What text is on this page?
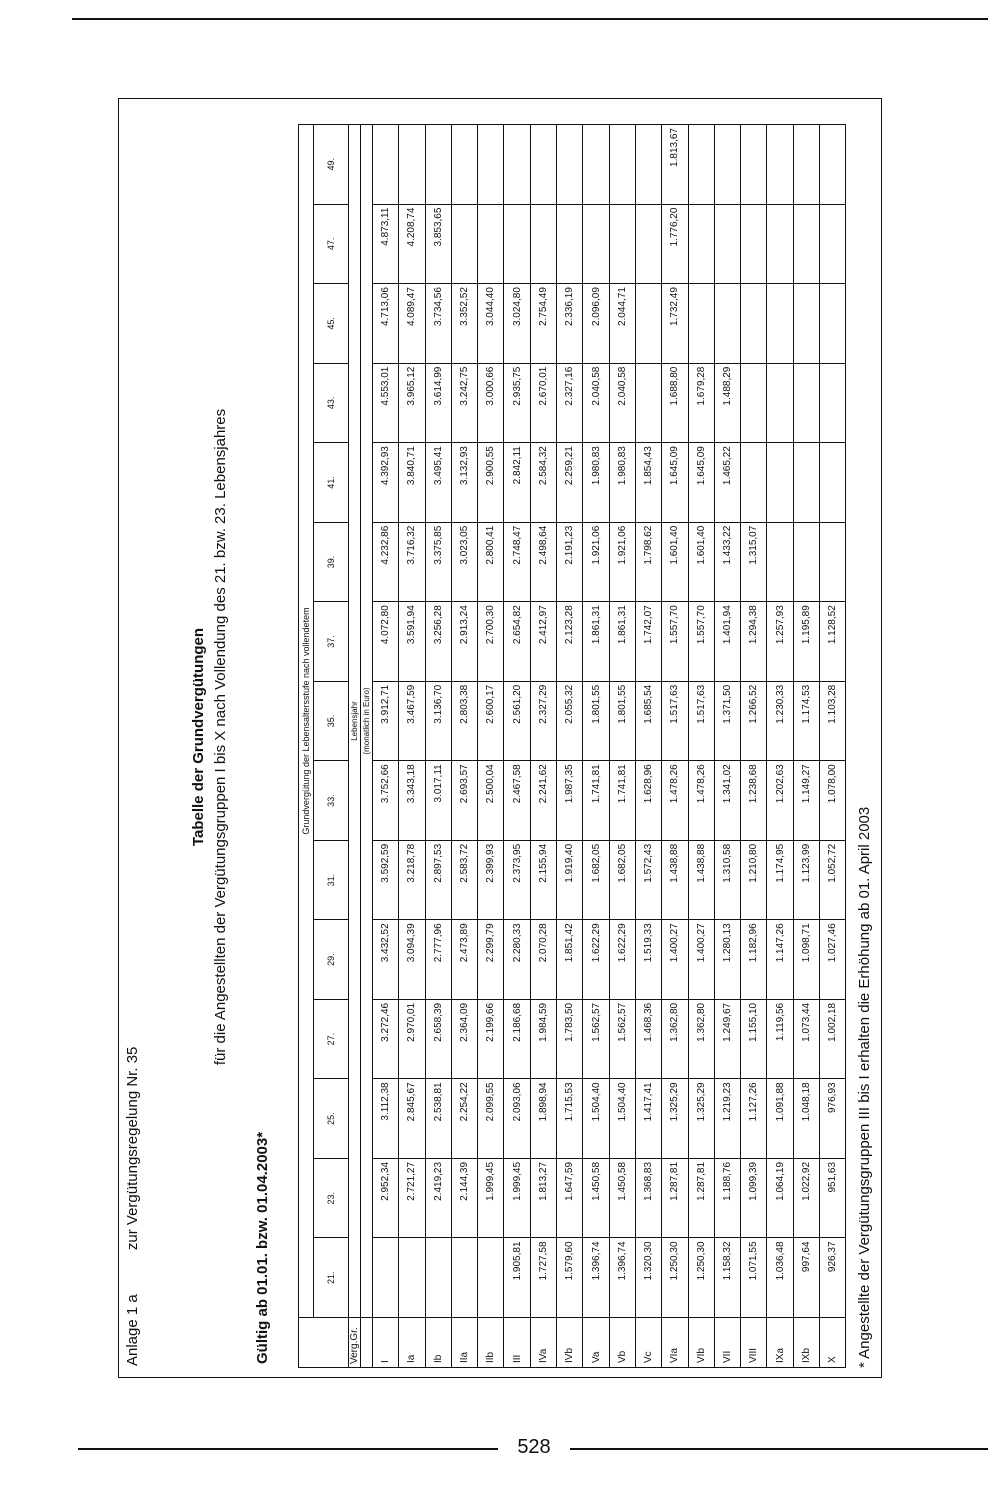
Anlage 1 a zur Vergütungsregelung Nr. 35
Tabelle der Grundvergütungen für die Angestellten der Vergütungsgruppen I bis X nach Vollendung des 21. bzw. 23. Lebensjahres
Gültig ab 01.01. bzw. 01.04.2003*
	Grundvergütung der Lebensaltersstufe nach vollendetem														
	21.	23.	25.	27.	29.	31.	33.	35.	37.	39.	41.	43.	45.	47.	49.
Verg.Gr.	Lebensjahr														
	(monatlich in Euro)														
I		2.952,34	3.112,38	3.272,46	3.432,52	3.592,59	3.752,66	3.912,71	4.072,80	4.232,86	4.392,93	4.553,01	4.713,06	4.873,11	
Ia		2.721,27	2.845,67	2.970,01	3.094,39	3.218,78	3.343,18	3.467,59	3.591,94	3.716,32	3.840,71	3.965,12	4.089,47	4.208,74	
Ib		2.419,23	2.538,81	2.658,39	2.777,96	2.897,53	3.017,11	3.136,70	3.256,28	3.375,85	3.495,41	3.614,99	3.734,56	3.853,65	
IIa		2.144,39	2.254,22	2.364,09	2.473,89	2.583,72	2.693,57	2.803,38	2.913,24	3.023,05	3.132,93	3.242,75	3.352,52		
IIb		1.999,45	2.099,55	2.199,66	2.299,79	2.399,93	2.500,04	2.600,17	2.700,30	2.800,41	2.900,55	3.000,66	3.044,40		
III	1.905,81	1.999,45	2.093,06	2.186,68	2.280,33	2.373,95	2.467,58	2.561,20	2.654,82	2.748,47	2.842,11	2.935,75	3.024,80		
IVa	1.727,58	1.813,27	1.898,94	1.984,59	2.070,28	2.155,94	2.241,62	2.327,29	2.412,97	2.498,64	2.584,32	2.670,01	2.754,49		
IVb	1.579,60	1.647,59	1.715,53	1.783,50	1.851,42	1.919,40	1.987,35	2.055,32	2.123,28	2.191,23	2.259,21	2.327,16	2.336,19		
Va	1.396,74	1.450,58	1.504,40	1.562,57	1.622,29	1.682,05	1.741,81	1.801,55	1.861,31	1.921,06	1.980,83	2.040,58	2.096,09		
Vb	1.396,74	1.450,58	1.504,40	1.562,57	1.622,29	1.682,05	1.741,81	1.801,55	1.861,31	1.921,06	1.980,83	2.040,58	2.044,71		
Vc	1.320,30	1.368,83	1.417,41	1.468,36	1.519,33	1.572,43	1.628,96	1.685,54	1.742,07	1.798,62	1.854,43				
VIa	1.250,30	1.287,81	1.325,29	1.362,80	1.400,27	1.438,88	1.478,26	1.517,63	1.557,70	1.601,40	1.645,09	1.688,80	1.732,49	1.776,20	1.813,67
VIb	1.250,30	1.287,81	1.325,29	1.362,80	1.400,27	1.438,88	1.478,26	1.517,63	1.557,70	1.601,40	1.645,09	1.679,28			
VII	1.158,32	1.188,76	1.219,23	1.249,67	1.280,13	1.310,58	1.341,02	1.371,50	1.401,94	1.433,22	1.465,22	1.488,29			
VIII	1.071,55	1.099,39	1.127,26	1.155,10	1.182,96	1.210,80	1.238,68	1.266,52	1.294,38	1.315,07					
IXa	1.036,48	1.064,19	1.091,88	1.119,56	1.147,26	1.174,95	1.202,63	1.230,33	1.257,93						
IXb	997,64	1.022,92	1.048,18	1.073,44	1.098,71	1.123,99	1.149,27	1.174,53	1.195,89						
X	926,37	951,63	976,93	1.002,18	1.027,46	1.052,72	1.078,00	1.103,28	1.128,52						
* Angestellte der Vergütungsgruppen III bis I erhalten die Erhöhung ab 01. April 2003
528
